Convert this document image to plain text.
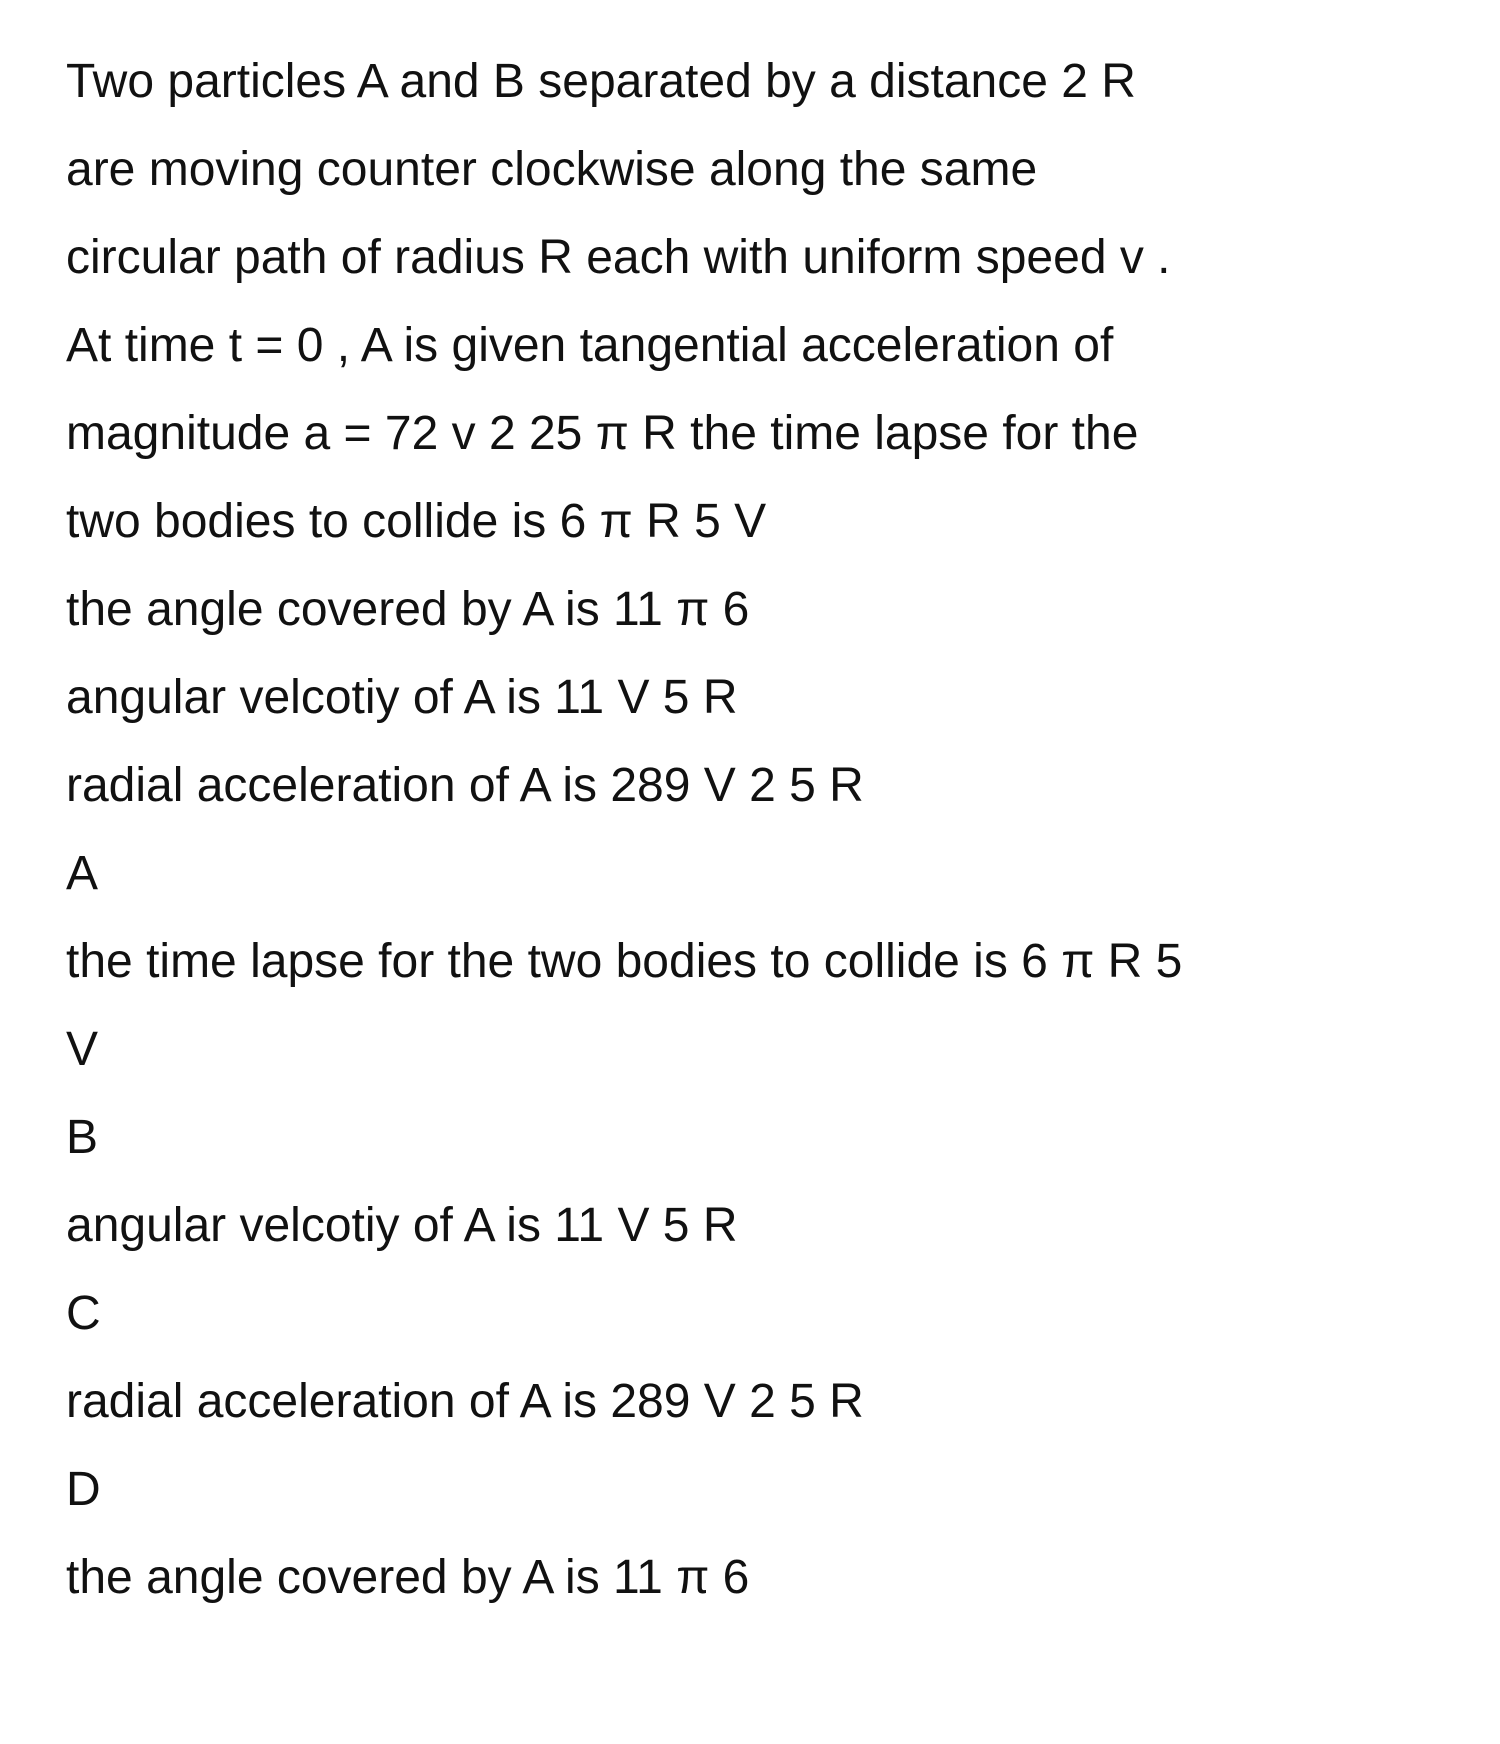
Two particles A and B separated by a distance 2 R
are moving counter clockwise along the same
circular path of radius R each with uniform speed v .
At time t = 0 , A is given tangential acceleration of
magnitude a = 72 v 2 25 π R the time lapse for the
two bodies to collide is 6 π R 5 V
the angle covered by A is 11 π 6
angular velcotiy of A is 11 V 5 R
radial acceleration of A is 289 V 2 5 R
A
the time lapse for the two bodies to collide is 6 π R 5
V
B
angular velcotiy of A is 11 V 5 R
C
radial acceleration of A is 289 V 2 5 R
D
the angle covered by A is 11 π 6
